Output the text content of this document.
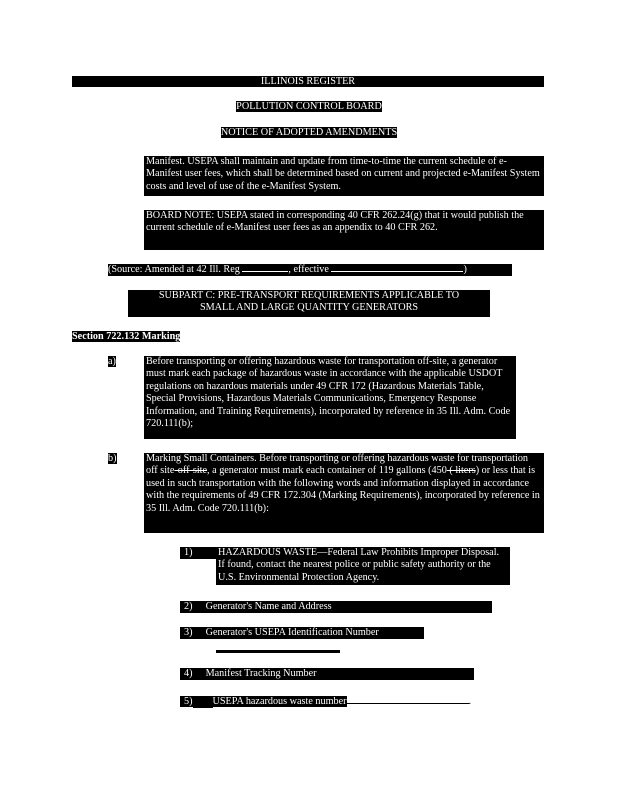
ILLINOIS REGISTER
POLLUTION CONTROL BOARD
NOTICE OF ADOPTED AMENDMENTS
Manifest. USEPA shall maintain and update from time-to-time the current schedule of e-Manifest user fees, which shall be determined based on current and projected e-Manifest System costs and level of use of the e-Manifest System.
BOARD NOTE: USEPA stated in corresponding 40 CFR 262.24(g) that it would publish the current schedule of e-Manifest user fees as an appendix to 40 CFR 262.
(Source: Amended at 42 Ill. Reg	, effective	)
SUBPART C: PRE-TRANSPORT REQUIREMENTS APPLICABLE TO
SMALL AND LARGE QUANTITY GENERATORS
Section 722.132 Marking
a)	Before transporting or offering hazardous waste for transportation off-site, a generator must mark each package of hazardous waste in accordance with the applicable USDOT regulations on hazardous materials under 49 CFR 172 (Hazardous Materials Table, Special Provisions, Hazardous Materials Communications, Emergency Response Information, and Training Requirements), incorporated by reference in 35 Ill. Adm. Code 720.111(b);
b)	Marking Small Containers. Before transporting or offering hazardous waste for transportation off site-off-site, a generator must mark each container of 119 gallons (450 ( liters) or less that is used in such transportation with the following words and information displayed in accordance with the requirements of 49 CFR 172.304 (Marking Requirements), incorporated by reference in 35 Ill. Adm. Code 720.111(b):
1)	HAZARDOUS WASTE—Federal Law Prohibits Improper Disposal. If found, contact the nearest police or public safety authority or the U.S. Environmental Protection Agency.
2) Generator's Name and Address
3) Generator's USEPA Identification Number
4) Manifest Tracking Number
5) USEPA hazardous waste number	.
